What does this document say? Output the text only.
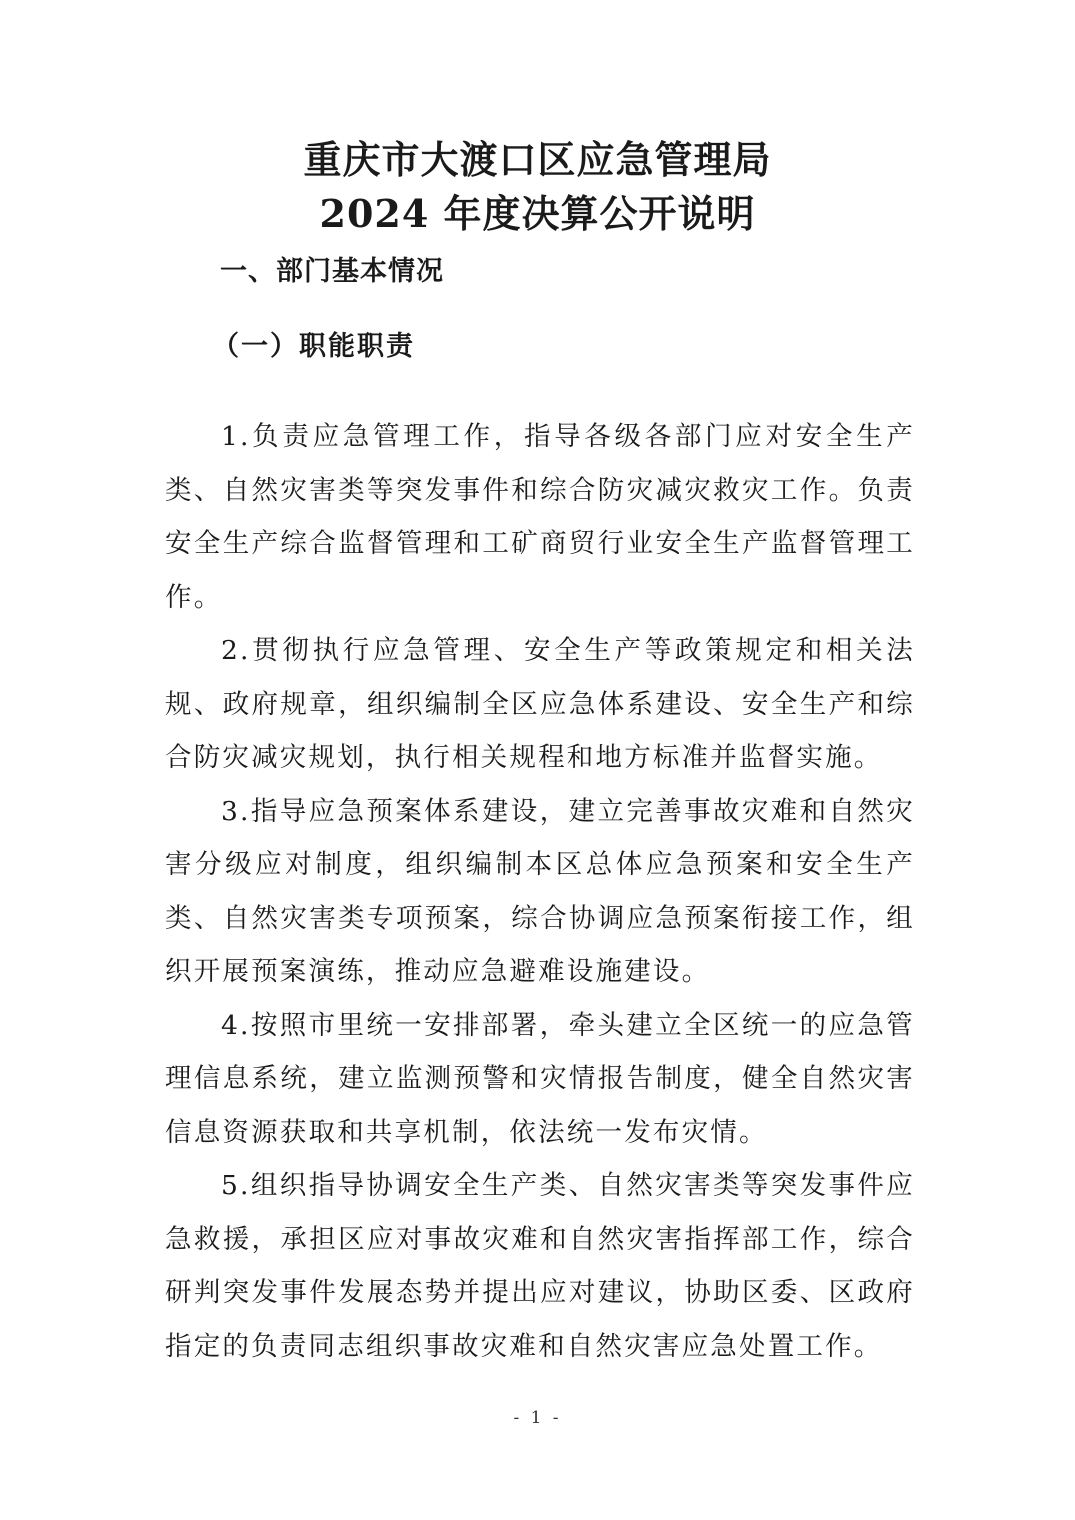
重庆市大渡口区应急管理局
2024 年度决算公开说明
一、部门基本情况
（一）职能职责

1.负责应急管理工作，指导各级各部门应对安全生产类、自然灾害类等突发事件和综合防灾减灾救灾工作。负责安全生产综合监督管理和工矿商贸行业安全生产监督管理工作。

2.贯彻执行应急管理、安全生产等政策规定和相关法规、政府规章，组织编制全区应急体系建设、安全生产和综合防灾减灾规划，执行相关规程和地方标准并监督实施。

3.指导应急预案体系建设，建立完善事故灾难和自然灾害分级应对制度，组织编制本区总体应急预案和安全生产类、自然灾害类专项预案，综合协调应急预案衔接工作，组织开展预案演练，推动应急避难设施建设。

4.按照市里统一安排部署，牵头建立全区统一的应急管理信息系统，建立监测预警和灾情报告制度，健全自然灾害信息资源获取和共享机制，依法统一发布灾情。

5.组织指导协调安全生产类、自然灾害类等突发事件应急救援，承担区应对事故灾难和自然灾害指挥部工作，综合研判突发事件发展态势并提出应对建议，协助区委、区政府指定的负责同志组织事故灾难和自然灾害应急处置工作。

- 1 -
